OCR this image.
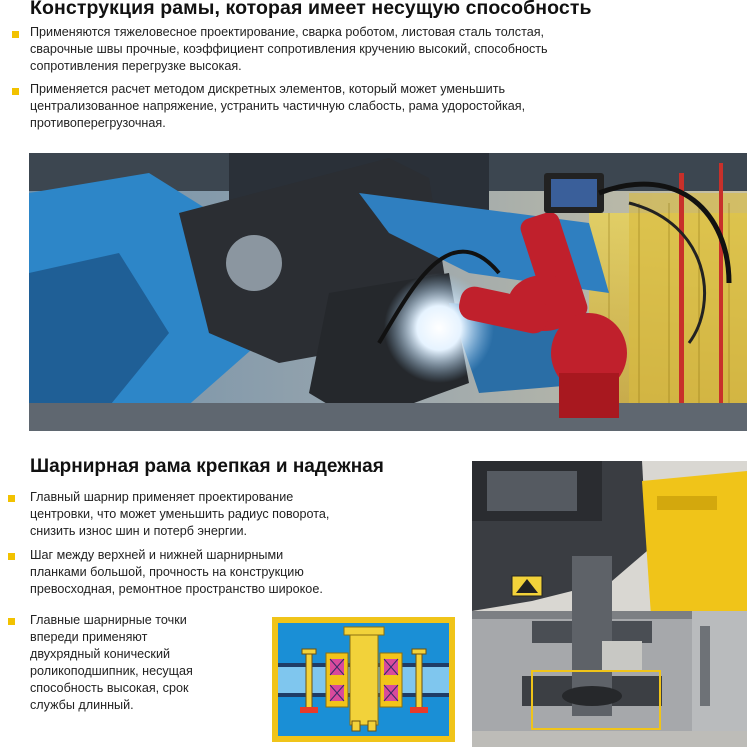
Конструкция рамы, которая имеет несущую способность
Применяются тяжеловесное проектирование, сварка роботом, листовая сталь толстая,
сварочные швы прочные, коэффициент сопротивления кручению высокий, способность
сопротивления перегрузке высокая.
Применяется расчет методом дискретных элементов, который может уменьшить
централизованное напряжение, устранить частичную слабость, рама удоростойкая,
противоперегрузочная.
Шарнирная рама крепкая и надежная
Главный шарнир применяет проектирование
центровки, что может уменьшить радиус поворота,
снизить износ шин и потерб энергии.
Шаг между верхней и нижней шарнирными
планками большой, прочность на конструкцию
превосходная, ремонтное пространство широкое.
Главные шарнирные точки
впереди применяют
двухрядный конический
роликоподшипник, несущая
способность высокая, срок
службы длинный.
